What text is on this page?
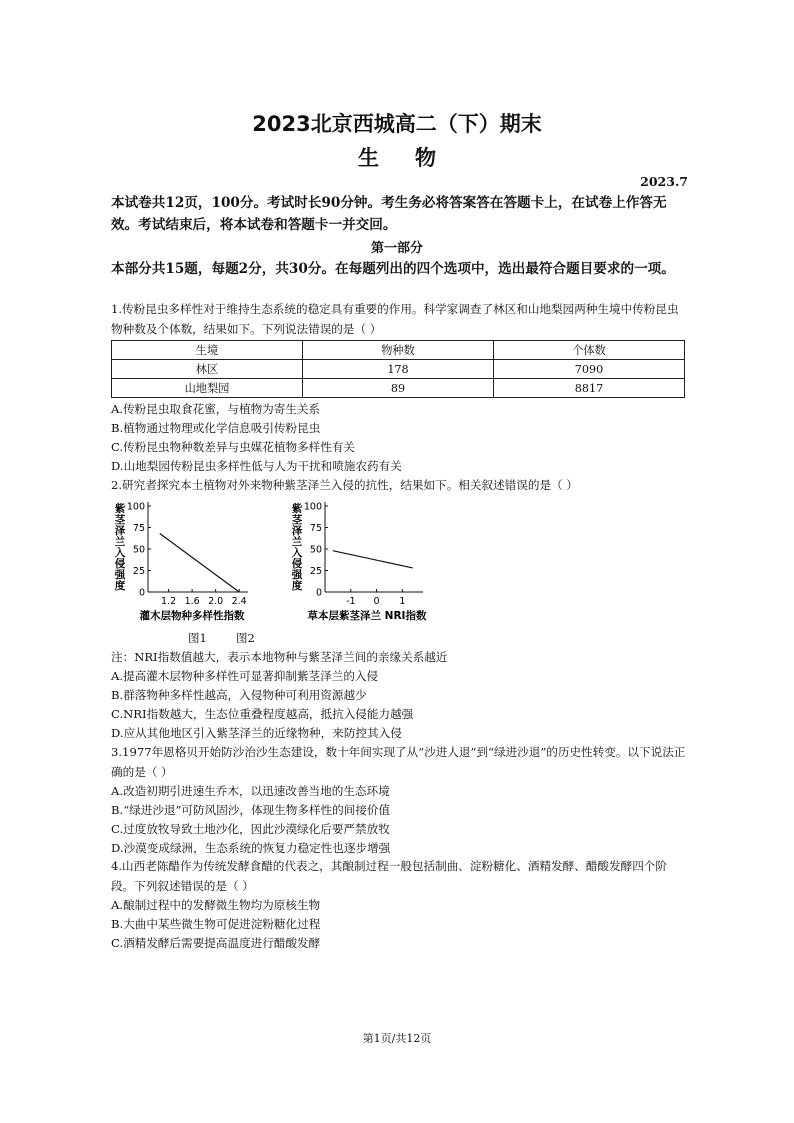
2023北京西城高二（下）期末
生物
2023.7
本试卷共12页，100分。考试时长90分钟。考生务必将答案答在答题卡上，在试卷上作答无效。考试结束后，将本试卷和答题卡一并交回。
第一部分
本部分共15题，每题2分，共30分。在每题列出的四个选项中，选出最符合题目要求的一项。
1.传粉昆虫多样性对于维持生态系统的稳定具有重要的作用。科学家调查了林区和山地梨园两种生境中传粉昆虫物种数及个体数，结果如下。下列说法错误的是（ ）
生境	物种数	个体数
林区	178	7090
山地梨园	89	8817
A.传粉昆虫取食花蜜，与植物为寄生关系
B.植物通过物理或化学信息吸引传粉昆虫
C.传粉昆虫物种数差异与虫媒花植物多样性有关
D.山地梨园传粉昆虫多样性低与人为干扰和喷施农药有关
2.研究者探究本土植物对外来物种紫茎泽兰入侵的抗性，结果如下。相关叙述错误的是（ ）
紫
茎
泽
兰
入
侵
强
度
0
25
50
75
100
1.2 1.6 2.0 2.4
灌木层物种多样性指数
紫
茎
泽
兰
入
侵
强
度
0
25
50
75
100
-1 0 1
草本层紫茎泽兰 NRI指数
图1	图2
注：NRI指数值越大，表示本地物种与紫茎泽兰间的亲缘关系越近
A.提高灌木层物种多样性可显著抑制紫茎泽兰的入侵
B.群落物种多样性越高，入侵物种可利用资源越少
C.NRI指数越大，生态位重叠程度越高，抵抗入侵能力越强
D.应从其他地区引入紫茎泽兰的近缘物种，来防控其入侵
3.1977年恩格贝开始防沙治沙生态建设，数十年间实现了从“沙进人退”到“绿进沙退”的历史性转变。以下说法正确的是（ ）
A.改造初期引进速生乔木，以迅速改善当地的生态环境
B.“绿进沙退”可防风固沙，体现生物多样性的间接价值
C.过度放牧导致土地沙化，因此沙漠绿化后要严禁放牧
D.沙漠变成绿洲，生态系统的恢复力稳定性也逐步增强
4.山西老陈醋作为传统发酵食醋的代表之，其酿制过程一般包括制曲、淀粉糖化、酒精发酵、醋酸发酵四个阶段。下列叙述错误的是（ ）
A.酿制过程中的发酵微生物均为原核生物
B.大曲中某些微生物可促进淀粉糖化过程
C.酒精发酵后需要提高温度进行醋酸发酵
第1页/共12页
